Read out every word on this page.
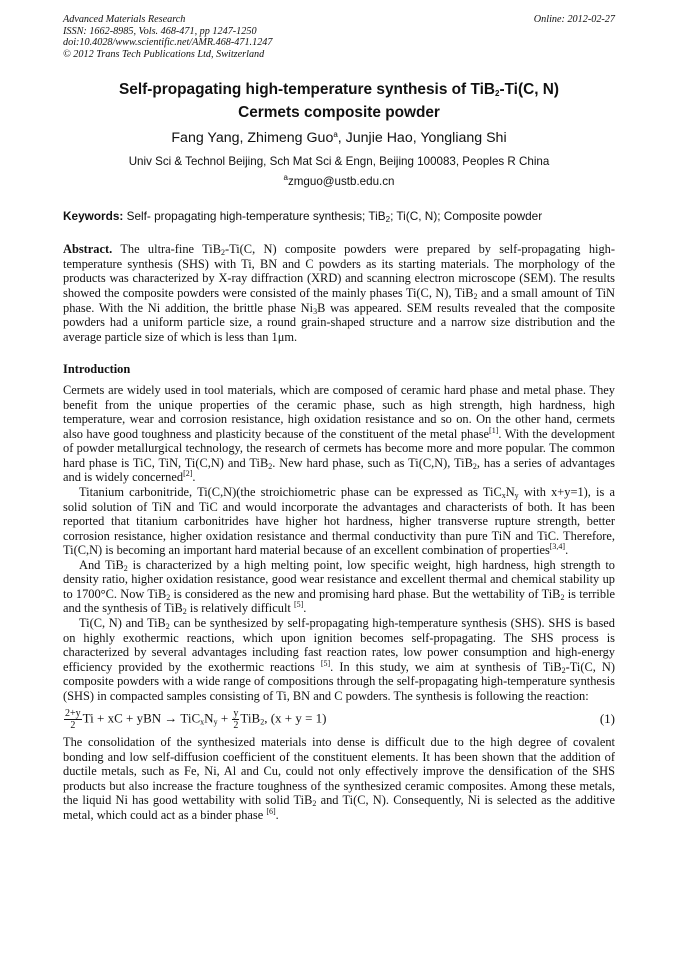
Advanced Materials Research
ISSN: 1662-8985, Vols. 468-471, pp 1247-1250
doi:10.4028/www.scientific.net/AMR.468-471.1247
© 2012 Trans Tech Publications Ltd, Switzerland
Online: 2012-02-27
Self-propagating high-temperature synthesis of TiB$_2$-Ti(C, N)
Cermets composite powder
Fang Yang, Zhimeng Guo$^a$, Junjie Hao, Yongliang Shi
Univ Sci & Technol Beijing, Sch Mat Sci & Engn, Beijing 100083, Peoples R China
$^a$zmguo@ustb.edu.cn
Keywords: Self- propagating high-temperature synthesis; TiB$_2$; Ti(C, N); Composite powder
Abstract. The ultra-fine TiB$_2$-Ti(C, N) composite powders were prepared by self-propagating high-temperature synthesis (SHS) with Ti, BN and C powders as its starting materials. The morphology of the products was characterized by X-ray diffraction (XRD) and scanning electron microscope (SEM). The results showed the composite powders were consisted of the mainly phases Ti(C, N), TiB$_2$ and a small amount of TiN phase. With the Ni addition, the brittle phase $Ni_3B$ was appeared. SEM results revealed that the composite powders had a uniform particle size, a round grain-shaped structure and a narrow size distribution and the average particle size of which is less than 1μm.
Introduction

Cermets are widely used in tool materials, which are composed of ceramic hard phase and metal phase. They benefit from the unique properties of the ceramic phase, such as high strength, high hardness, high temperature, wear and corrosion resistance, high oxidation resistance and so on. On the other hand, cermets also have good toughness and plasticity because of the constituent of the metal phase[1]. With the development of powder metallurgical technology, the research of cermets has become more and more popular. The common hard phase is TiC, TiN, Ti(C,N) and TiB$_2$. New hard phase, such as Ti(C,N), TiB$_2$, has a series of advantages and is widely concerned[2].

Titanium carbonitride, Ti(C,N)(the stroichiometric phase can be expressed as $TiC_xN_y$ with x+y=1), is a solid solution of TiN and TiC and would incorporate the advantages and characterists of both. It has been reported that titanium carbonitrides have higher hot hardness, higher transverse rupture strength, better corrosion resistance, higher oxidation resistance and thermal conductivity than pure TiN and TiC. Therefore, Ti(C,N) is becoming an important hard material because of an excellent combination of properties[3,4].

And TiB$_2$ is characterized by a high melting point, low specific weight, high hardness, high strength to density ratio, higher oxidation resistance, good wear resistance and excellent thermal and chemical stability up to 1700°C. Now TiB$_2$ is considered as the new and promising hard phase. But the wettability of TiB$_2$ is terrible and the synthesis of TiB$_2$ is relatively difficult [5].

Ti(C, N) and TiB$_2$ can be synthesized by self-propagating high-temperature synthesis (SHS). SHS is based on highly exothermic reactions, which upon ignition becomes self-propagating. The SHS process is characterized by several advantages including fast reaction rates, low power consumption and high-energy efficiency provided by the exothermic reactions [5]. In this study, we aim at synthesis of TiB$_2$-Ti(C, N) composite powders with a wide range of compositions through the self-propagating high-temperature synthesis (SHS) in compacted samples consisting of Ti, BN and C powders. The synthesis is following the reaction:

$\frac{2+y}{2}$ Ti + xC + yBN → $TiC_xN_y + \frac{y}{2} TiB_2$, (x + y = 1)	(1)

The consolidation of the synthesized materials into dense is difficult due to the high degree of covalent bonding and low self-diffusion coefficient of the constituent elements. It has been shown that the addition of ductile metals, such as Fe, Ni, Al and Cu, could not only effectively improve the densification of the SHS products but also increase the fracture toughness of the synthesized ceramic composites. Among these metals, the liquid Ni has good wettability with solid TiB$_2$ and Ti(C, N). Consequently, Ni is selected as the additive metal, which could act as a binder phase [6].
